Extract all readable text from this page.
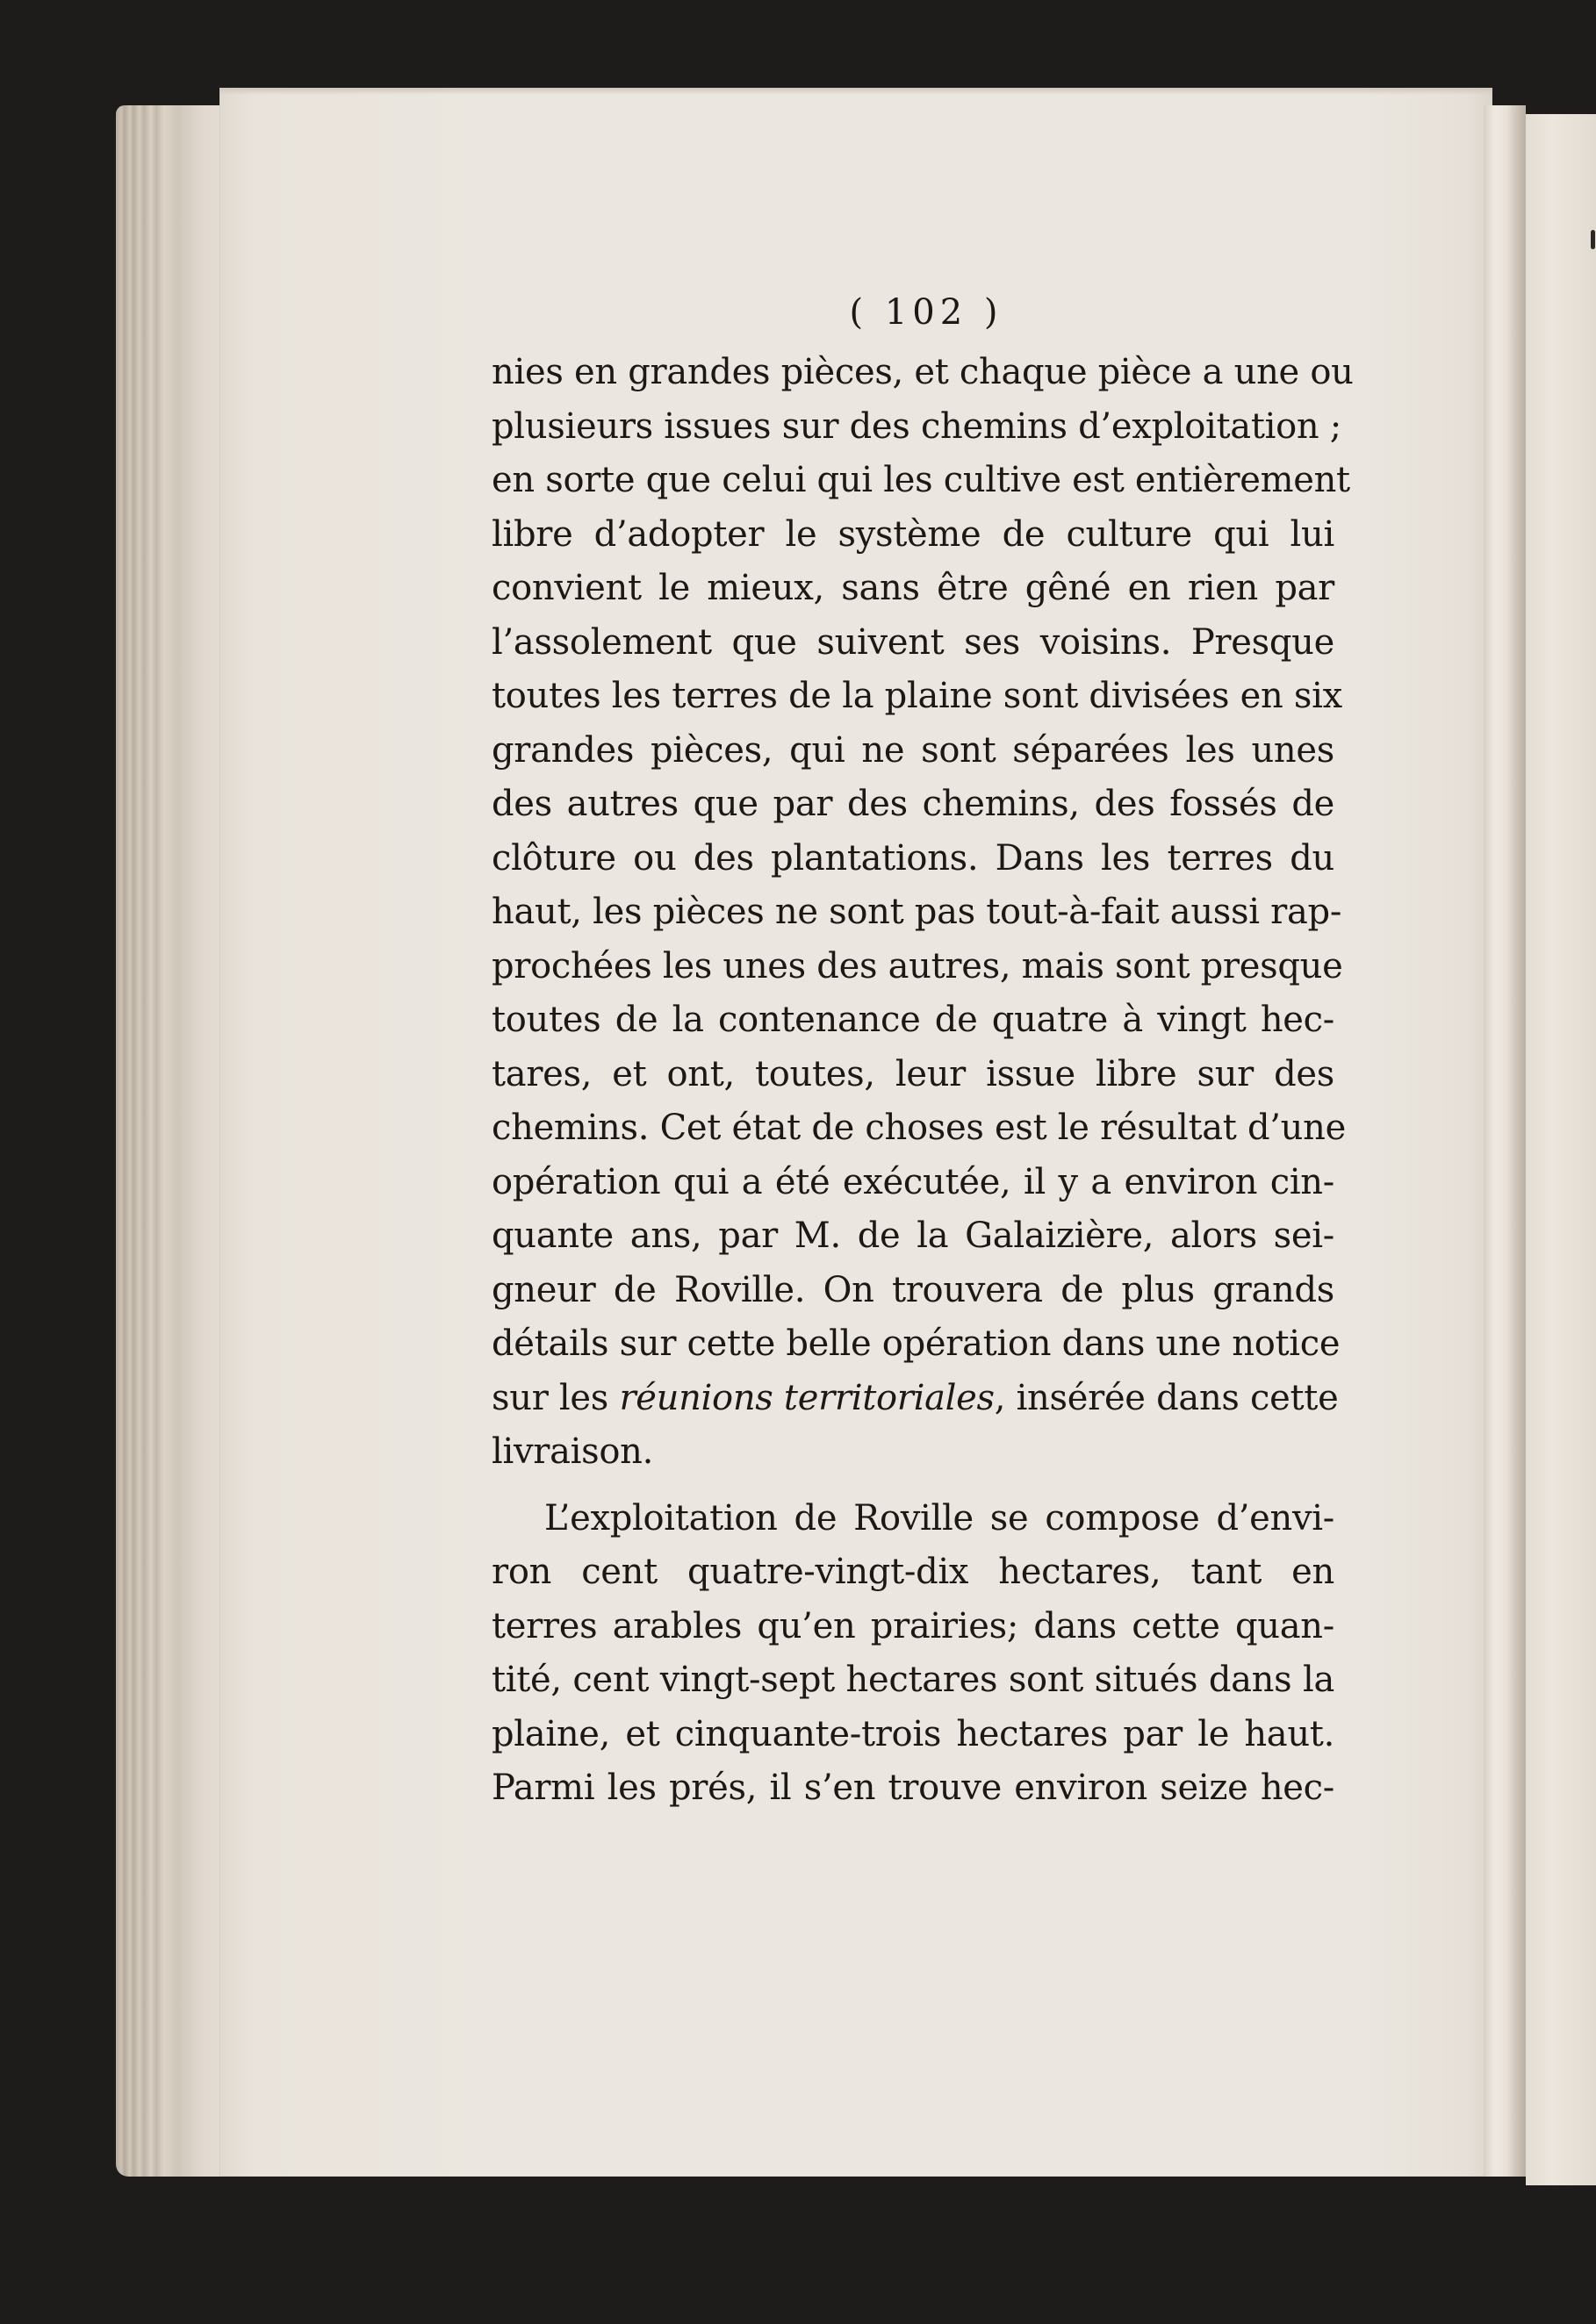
( 102 )
nies en grandes pièces, et chaque pièce a une ou
plusieurs issues sur des chemins d’exploitation ;
en sorte que celui qui les cultive est entièrement
libre d’adopter le système de culture qui lui
convient le mieux, sans être gêné en rien par
l’assolement que suivent ses voisins. Presque
toutes les terres de la plaine sont divisées en six
grandes pièces, qui ne sont séparées les unes
des autres que par des chemins, des fossés de
clôture ou des plantations. Dans les terres du
haut, les pièces ne sont pas tout-à-fait aussi rap-
prochées les unes des autres, mais sont presque
toutes de la contenance de quatre à vingt hec-
tares, et ont, toutes, leur issue libre sur des
chemins. Cet état de choses est le résultat d’une
opération qui a été exécutée, il y a environ cin-
quante ans, par M. de la Galaizière, alors sei-
gneur de Roville. On trouvera de plus grands
détails sur cette belle opération dans une notice
sur les réunions territoriales, insérée dans cette
livraison.
L’exploitation de Roville se compose d’envi-
ron cent quatre-vingt-dix hectares, tant en
terres arables qu’en prairies; dans cette quan-
tité, cent vingt-sept hectares sont situés dans la
plaine, et cinquante-trois hectares par le haut.
Parmi les prés, il s’en trouve environ seize hec-
